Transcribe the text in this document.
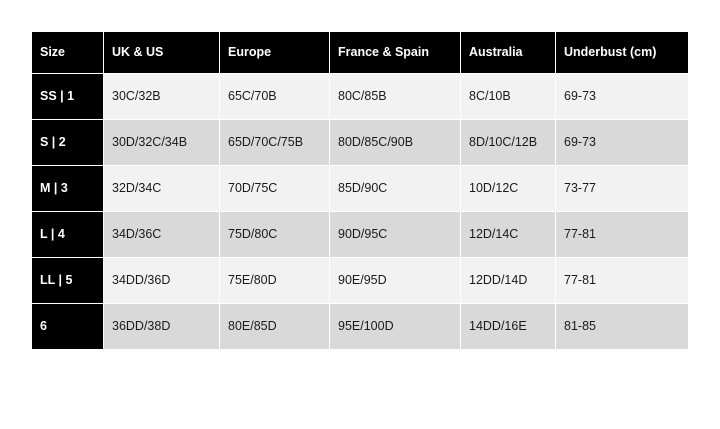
Size	UK & US	Europe	France & Spain	Australia	Underbust (cm)
SS | 1	30C/32B	65C/70B	80C/85B	8C/10B	69-73
S | 2	30D/32C/34B	65D/70C/75B	80D/85C/90B	8D/10C/12B	69-73
M | 3	32D/34C	70D/75C	85D/90C	10D/12C	73-77
L | 4	34D/36C	75D/80C	90D/95C	12D/14C	77-81
LL | 5	34DD/36D	75E/80D	90E/95D	12DD/14D	77-81
6	36DD/38D	80E/85D	95E/100D	14DD/16E	81-85
